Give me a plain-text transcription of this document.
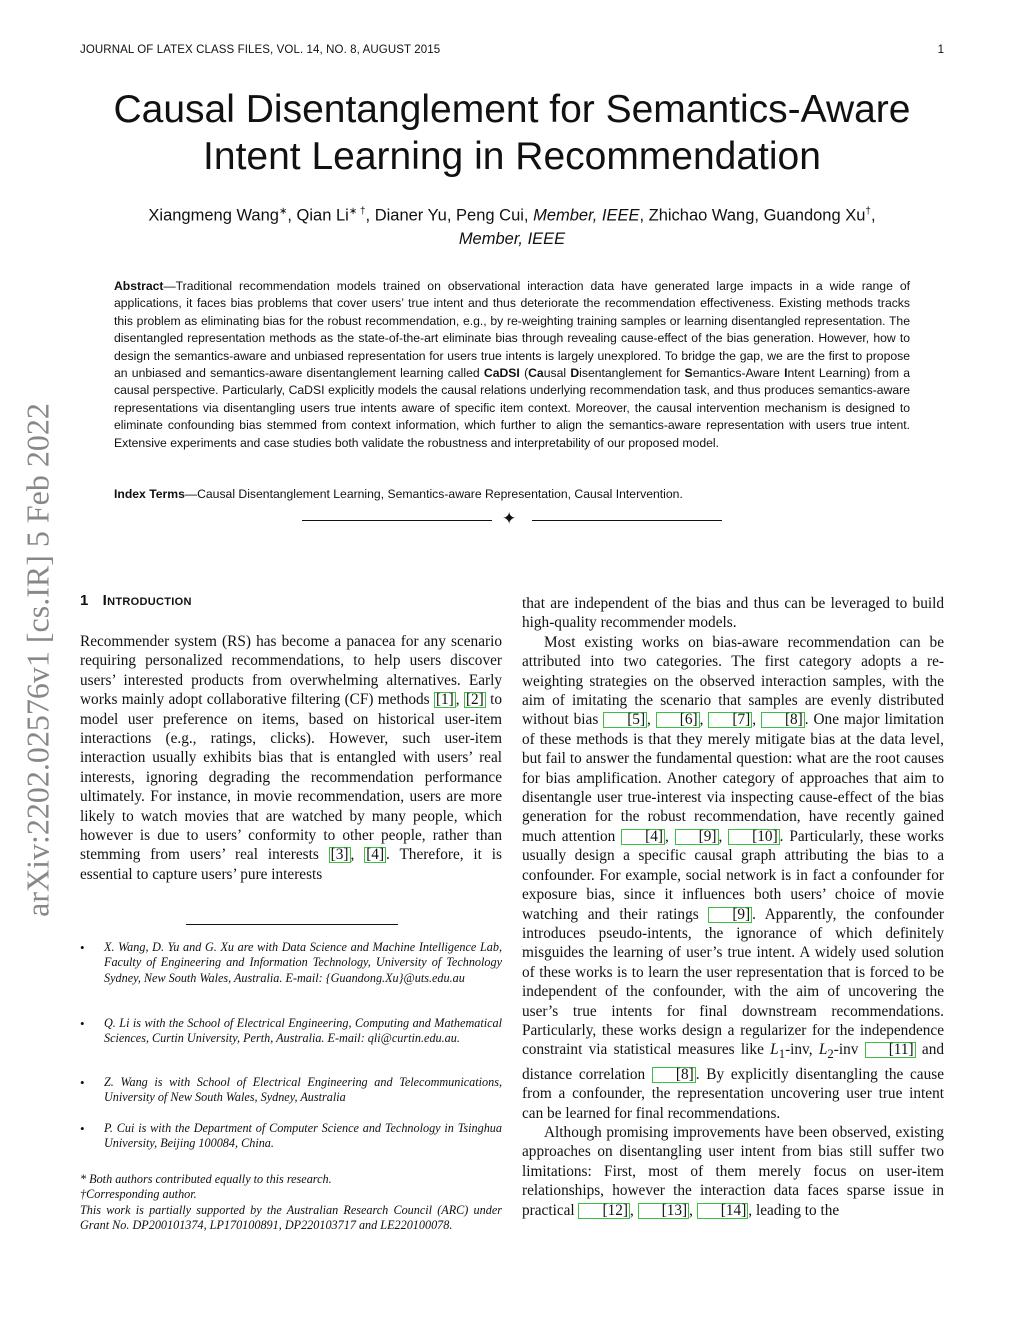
JOURNAL OF LATEX CLASS FILES, VOL. 14, NO. 8, AUGUST 2015	1
arXiv:2202.02576v1 [cs.IR] 5 Feb 2022
Causal Disentanglement for Semantics-Aware Intent Learning in Recommendation
Xiangmeng Wang∗, Qian Li∗ †, Dianer Yu, Peng Cui, Member, IEEE, Zhichao Wang, Guandong Xu†,
Member, IEEE
Abstract—Traditional recommendation models trained on observational interaction data have generated large impacts in a wide range of applications, it faces bias problems that cover users’ true intent and thus deteriorate the recommendation effectiveness. Existing methods tracks this problem as eliminating bias for the robust recommendation, e.g., by re-weighting training samples or learning disentangled representation. The disentangled representation methods as the state-of-the-art eliminate bias through revealing cause-effect of the bias generation. However, how to design the semantics-aware and unbiased representation for users true intents is largely unexplored. To bridge the gap, we are the first to propose an unbiased and semantics-aware disentanglement learning called CaDSI (Causal Disentanglement for Semantics-Aware Intent Learning) from a causal perspective. Particularly, CaDSI explicitly models the causal relations underlying recommendation task, and thus produces semantics-aware representations via disentangling users true intents aware of specific item context. Moreover, the causal intervention mechanism is designed to eliminate confounding bias stemmed from context information, which further to align the semantics-aware representation with users true intent. Extensive experiments and case studies both validate the robustness and interpretability of our proposed model.
Index Terms—Causal Disentanglement Learning, Semantics-aware Representation, Causal Intervention.
✦
1 Introduction

Recommender system (RS) has become a panacea for any scenario requiring personalized recommendations, to help users discover users’ interested products from overwhelming alternatives. Early works mainly adopt collaborative filtering (CF) methods [1] , [2] to model user preference on items, based on historical user-item interactions (e.g., ratings, clicks). However, such user-item interaction usually exhibits bias that is entangled with users’ real interests, ignoring degrading the recommendation performance ultimately. For instance, in movie recommendation, users are more likely to watch movies that are watched by many people, which however is due to users’ conformity to other people, rather than stemming from users’ real interests [3] , [4] . Therefore, it is essential to capture users’ pure interests

• X. Wang, D. Yu and G. Xu are with Data Science and Machine Intelligence Lab, Faculty of Engineering and Information Technology, University of Technology Sydney, New South Wales, Australia. E-mail: {Guandong.Xu}@uts.edu.au
• Q. Li is with the School of Electrical Engineering, Computing and Mathematical Sciences, Curtin University, Perth, Australia. E-mail: qli@curtin.edu.au.
• Z. Wang is with School of Electrical Engineering and Telecommunications, University of New South Wales, Sydney, Australia
• P. Cui is with the Department of Computer Science and Technology in Tsinghua University, Beijing 100084, China.
* Both authors contributed equally to this research.
†Corresponding author.
This work is partially supported by the Australian Research Council (ARC) under Grant No. DP200101374, LP170100891, DP220103717 and LE220100078.

that are independent of the bias and thus can be leveraged to build high-quality recommender models.

Most existing works on bias-aware recommendation can be attributed into two categories. The first category adopts a re-weighting strategies on the observed interaction samples, with the aim of imitating the scenario that samples are evenly distributed without bias [5] , [6] , [7] , [8] . One major limitation of these methods is that they merely mitigate bias at the data level, but fail to answer the fundamental question: what are the root causes for bias amplification. Another category of approaches that aim to disentangle user true-interest via inspecting cause-effect of the bias generation for the robust recommendation, have recently gained much attention [4] , [9] , [10] . Particularly, these works usually design a specific causal graph attributing the bias to a confounder. For example, social network is in fact a confounder for exposure bias, since it influences both users’ choice of movie watching and their ratings [9] . Apparently, the confounder introduces pseudo-intents, the ignorance of which definitely misguides the learning of user’s true intent. A widely used solution of these works is to learn the user representation that is forced to be independent of the confounder, with the aim of uncovering the user’s true intents for final downstream recommendations. Particularly, these works design a regularizer for the independence constraint via statistical measures like $L_1$-inv, $L_2$-inv [11] and distance correlation [8] . By explicitly disentangling the cause from a confounder, the representation uncovering user true intent can be learned for final recommendations.

Although promising improvements have been observed, existing approaches on disentangling user intent from bias still suffer two limitations: First, most of them merely focus on user-item relationships, however the interaction data faces sparse issue in practical [12] , [13] , [14] , leading to the
